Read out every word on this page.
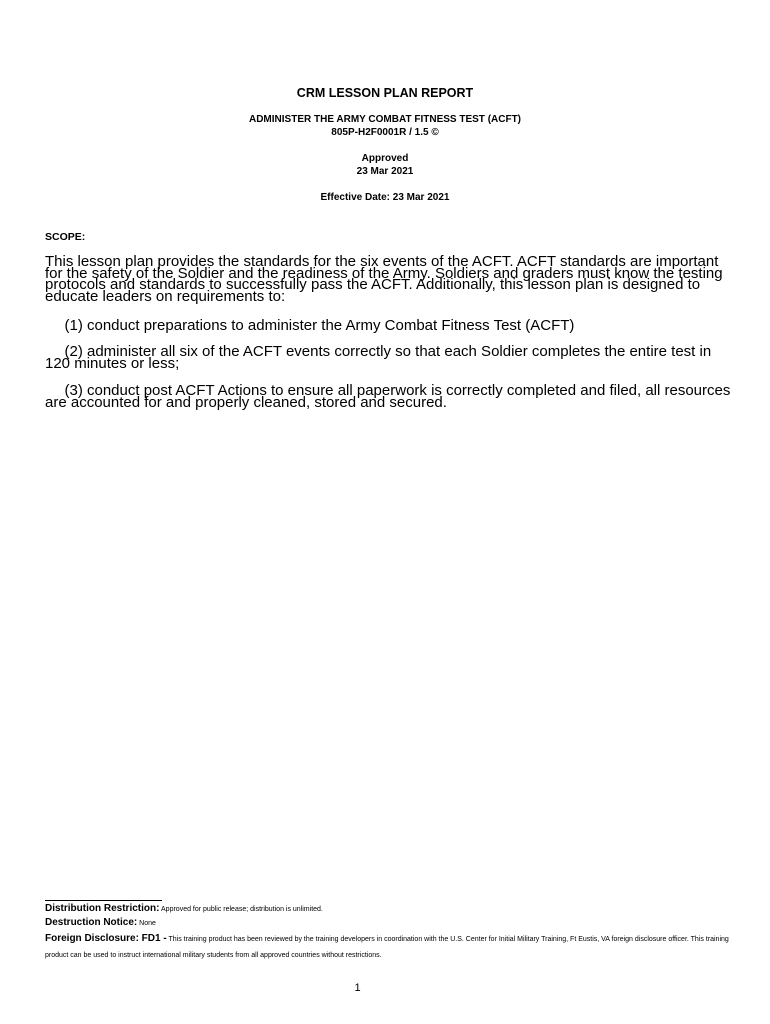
CRM LESSON PLAN REPORT
ADMINISTER THE ARMY COMBAT FITNESS TEST (ACFT)
805P-H2F0001R / 1.5 ©
Approved
23 Mar 2021
Effective Date: 23 Mar 2021
SCOPE:
This lesson plan provides the standards for the six events of the ACFT. ACFT standards are important for the safety of the Soldier and the readiness of the Army. Soldiers and graders must know the testing protocols and standards to successfully pass the ACFT. Additionally, this lesson plan is designed to educate leaders on requirements to:
(1) conduct preparations to administer the Army Combat Fitness Test (ACFT)
(2) administer all six of the ACFT events correctly so that each Soldier completes the entire test in 120 minutes or less;
(3) conduct post ACFT Actions to ensure all paperwork is correctly completed and filed, all resources are accounted for and properly cleaned, stored and secured.
Distribution Restriction: Approved for public release; distribution is unlimited.
Destruction Notice: None
Foreign Disclosure: FD1 - This training product has been reviewed by the training developers in coordination with the U.S. Center for Initial Military Training, Ft Eustis, VA foreign disclosure officer. This training product can be used to instruct international military students from all approved countries without restrictions.
1
